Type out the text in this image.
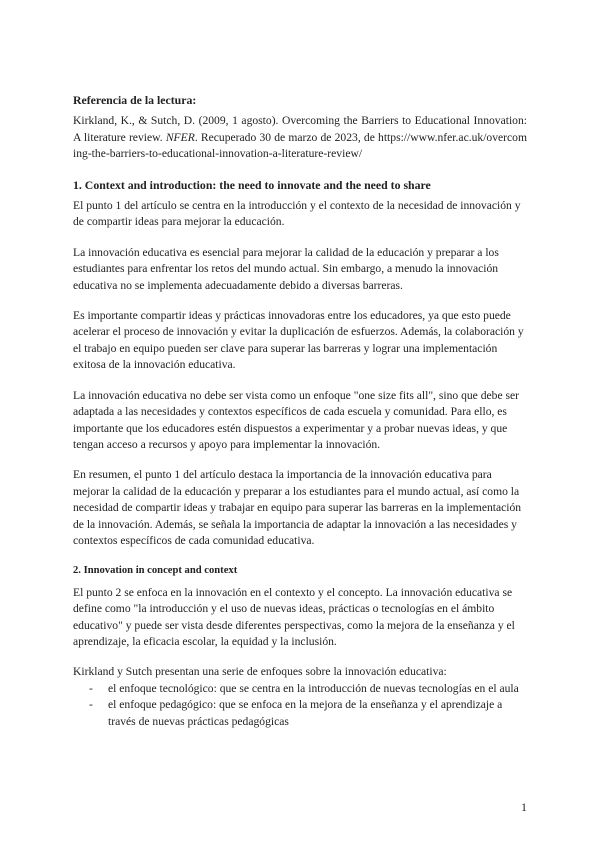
Referencia de la lectura:

Kirkland, K., & Sutch, D. (2009, 1 agosto). Overcoming the Barriers to Educational Innovation: A literature review. NFER. Recuperado 30 de marzo de 2023, de https://www.nfer.ac.uk/overcoming-the-barriers-to-educational-innovation-a-literature-review/

1. Context and introduction: the need to innovate and the need to share

El punto 1 del artículo se centra en la introducción y el contexto de la necesidad de innovación y de compartir ideas para mejorar la educación.

La innovación educativa es esencial para mejorar la calidad de la educación y preparar a los estudiantes para enfrentar los retos del mundo actual. Sin embargo, a menudo la innovación educativa no se implementa adecuadamente debido a diversas barreras.

Es importante compartir ideas y prácticas innovadoras entre los educadores, ya que esto puede acelerar el proceso de innovación y evitar la duplicación de esfuerzos. Además, la colaboración y el trabajo en equipo pueden ser clave para superar las barreras y lograr una implementación exitosa de la innovación educativa.

La innovación educativa no debe ser vista como un enfoque "one size fits all", sino que debe ser adaptada a las necesidades y contextos específicos de cada escuela y comunidad. Para ello, es importante que los educadores estén dispuestos a experimentar y a probar nuevas ideas, y que tengan acceso a recursos y apoyo para implementar la innovación.

En resumen, el punto 1 del artículo destaca la importancia de la innovación educativa para mejorar la calidad de la educación y preparar a los estudiantes para el mundo actual, así como la necesidad de compartir ideas y trabajar en equipo para superar las barreras en la implementación de la innovación. Además, se señala la importancia de adaptar la innovación a las necesidades y contextos específicos de cada comunidad educativa.

2. Innovation in concept and context

El punto 2 se enfoca en la innovación en el contexto y el concepto. La innovación educativa se define como "la introducción y el uso de nuevas ideas, prácticas o tecnologías en el ámbito educativo" y puede ser vista desde diferentes perspectivas, como la mejora de la enseñanza y el aprendizaje, la eficacia escolar, la equidad y la inclusión.

Kirkland y Sutch presentan una serie de enfoques sobre la innovación educativa:

- el enfoque tecnológico: que se centra en la introducción de nuevas tecnologías en el aula
- el enfoque pedagógico: que se enfoca en la mejora de la enseñanza y el aprendizaje a través de nuevas prácticas pedagógicas
1
